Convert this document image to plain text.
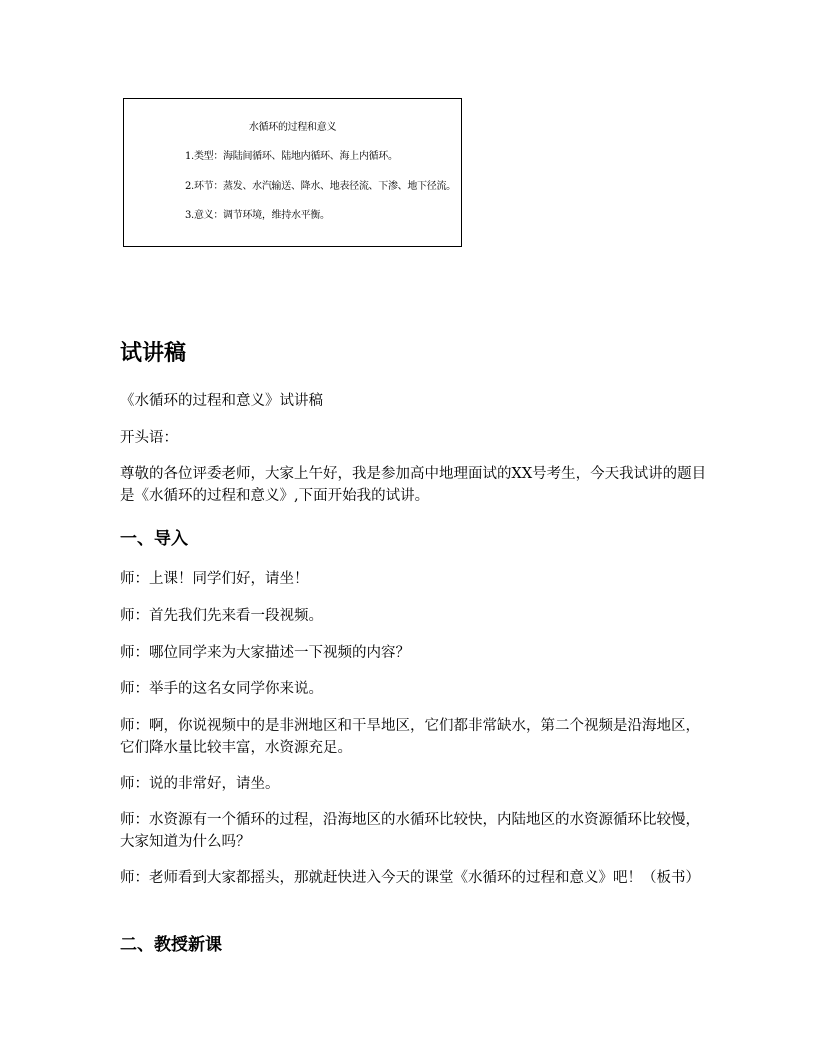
水循环的过程和意义
1.类型：海陆间循环、陆地内循环、海上内循环。
2.环节：蒸发、水汽输送、降水、地表径流、下渗、地下径流。
3.意义：调节环境，维持水平衡。
试讲稿

《水循环的过程和意义》试讲稿

开头语：

尊敬的各位评委老师，大家上午好，我是参加高中地理面试的XX号考生，今天我试讲的题目是《水循环的过程和意义》,下面开始我的试讲。

一、导入

师：上课！同学们好，请坐！

师：首先我们先来看一段视频。

师：哪位同学来为大家描述一下视频的内容？

师：举手的这名女同学你来说。

师：啊，你说视频中的是非洲地区和干旱地区，它们都非常缺水，第二个视频是沿海地区，它们降水量比较丰富，水资源充足。

师：说的非常好，请坐。

师：水资源有一个循环的过程，沿海地区的水循环比较快，内陆地区的水资源循环比较慢，大家知道为什么吗？

师：老师看到大家都摇头，那就赶快进入今天的课堂《水循环的过程和意义》吧！（板书）

二、教授新课
